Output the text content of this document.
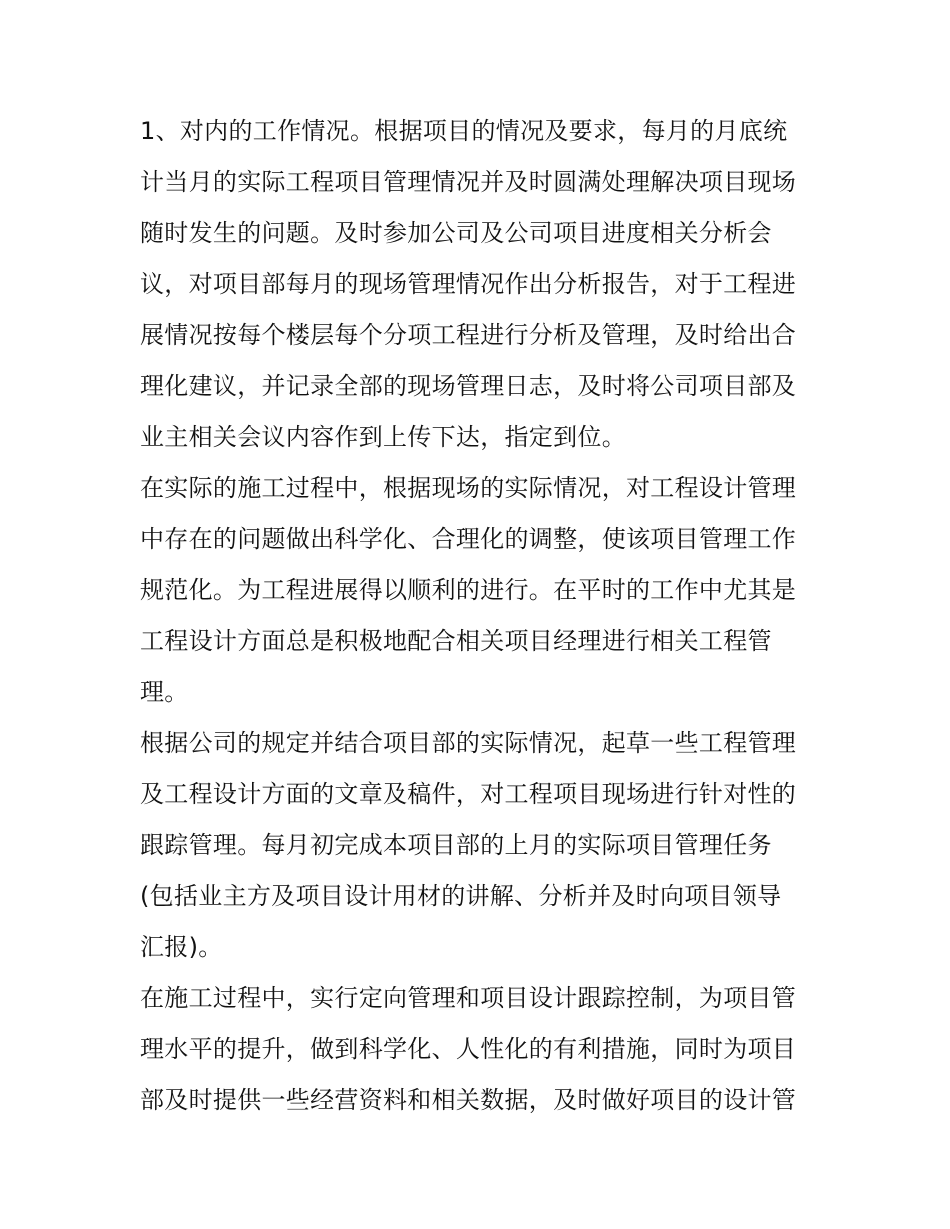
1、对内的工作情况。根据项目的情况及要求，每月的月底统
计当月的实际工程项目管理情况并及时圆满处理解决项目现场
随时发生的问题。及时参加公司及公司项目进度相关分析会
议，对项目部每月的现场管理情况作出分析报告，对于工程进
展情况按每个楼层每个分项工程进行分析及管理，及时给出合
理化建议，并记录全部的现场管理日志，及时将公司项目部及
业主相关会议内容作到上传下达，指定到位。
在实际的施工过程中，根据现场的实际情况，对工程设计管理
中存在的问题做出科学化、合理化的调整，使该项目管理工作
规范化。为工程进展得以顺利的进行。在平时的工作中尤其是
工程设计方面总是积极地配合相关项目经理进行相关工程管
理。
根据公司的规定并结合项目部的实际情况，起草一些工程管理
及工程设计方面的文章及稿件，对工程项目现场进行针对性的
跟踪管理。每月初完成本项目部的上月的实际项目管理任务
(包括业主方及项目设计用材的讲解、分析并及时向项目领导
汇报)。
在施工过程中，实行定向管理和项目设计跟踪控制，为项目管
理水平的提升，做到科学化、人性化的有利措施，同时为项目
部及时提供一些经营资料和相关数据，及时做好项目的设计管
